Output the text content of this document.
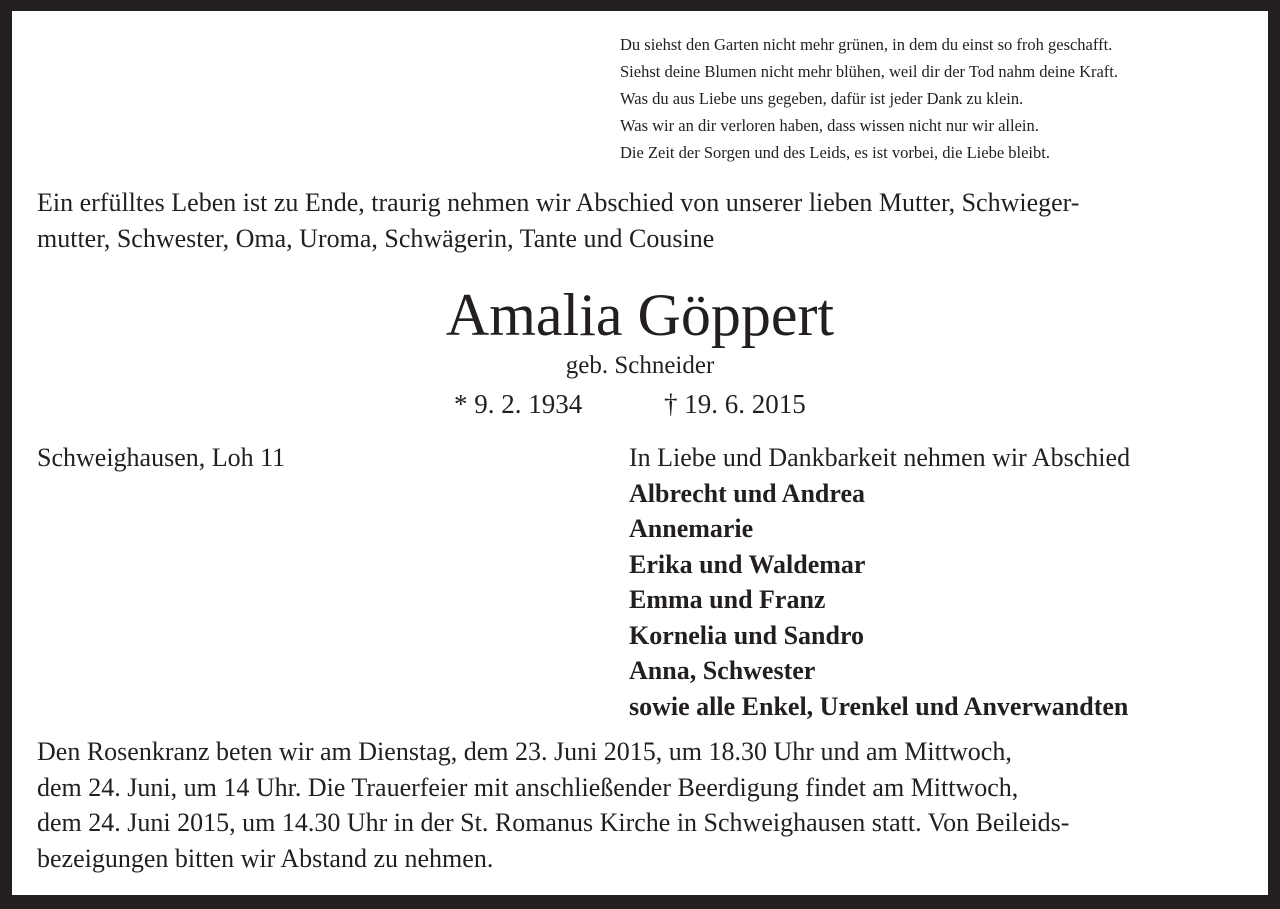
Du siehst den Garten nicht mehr grünen, in dem du einst so froh geschafft.
Siehst deine Blumen nicht mehr blühen, weil dir der Tod nahm deine Kraft.
Was du aus Liebe uns gegeben, dafür ist jeder Dank zu klein.
Was wir an dir verloren haben, dass wissen nicht nur wir allein.
Die Zeit der Sorgen und des Leids, es ist vorbei, die Liebe bleibt.
Ein erfülltes Leben ist zu Ende, traurig nehmen wir Abschied von unserer lieben Mutter, Schwieger-
mutter, Schwester, Oma, Uroma, Schwägerin, Tante und Cousine
Amalia Göppert
geb. Schneider
* 9. 2. 1934	† 19. 6. 2015
Schweighausen, Loh 11	In Liebe und Dankbarkeit nehmen wir Abschied
Albrecht und Andrea
Annemarie
Erika und Waldemar
Emma und Franz
Kornelia und Sandro
Anna, Schwester
sowie alle Enkel, Urenkel und Anverwandten
Den Rosenkranz beten wir am Dienstag, dem 23. Juni 2015, um 18.30 Uhr und am Mittwoch,
dem 24. Juni, um 14 Uhr. Die Trauerfeier mit anschließender Beerdigung findet am Mittwoch,
dem 24. Juni 2015, um 14.30 Uhr in der St. Romanus Kirche in Schweighausen statt. Von Beileids-
bezeigungen bitten wir Abstand zu nehmen.
